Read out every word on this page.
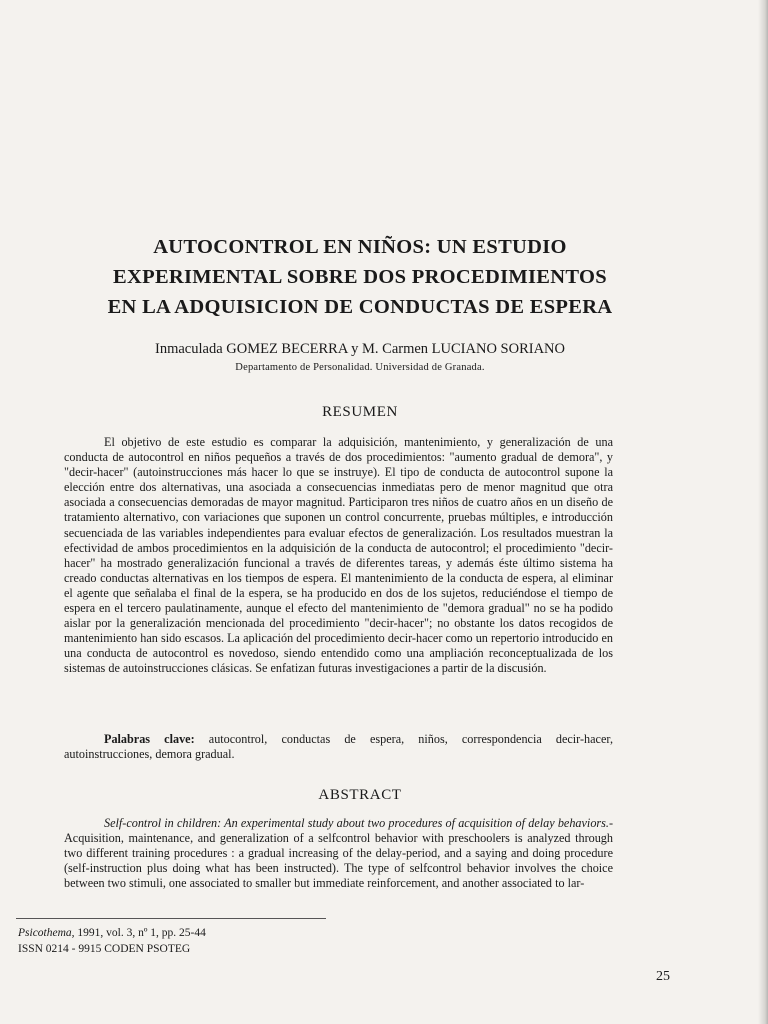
AUTOCONTROL EN NIÑOS: UN ESTUDIO
EXPERIMENTAL SOBRE DOS PROCEDIMIENTOS
EN LA ADQUISICION DE CONDUCTAS DE ESPERA
Inmaculada GOMEZ BECERRA y M. Carmen LUCIANO SORIANO
Departamento de Personalidad. Universidad de Granada.
RESUMEN

El objetivo de este estudio es comparar la adquisición, mantenimiento, y generalización de una conducta de autocontrol en niños pequeños a través de dos procedimientos: "aumento gradual de demora", y "decir-hacer" (autoinstrucciones más hacer lo que se instruye). El tipo de conducta de autocontrol supone la elección entre dos alternativas, una asociada a consecuencias inmediatas pero de menor magnitud que otra asociada a consecuencias demoradas de mayor magnitud. Participaron tres niños de cuatro años en un diseño de tratamiento alternativo, con variaciones que suponen un control concurrente, pruebas múltiples, e introducción secuenciada de las variables independientes para evaluar efectos de generalización. Los resultados muestran la efectividad de ambos procedimientos en la adquisición de la conducta de autocontrol; el procedimiento "decir-hacer" ha mostrado generalización funcional a través de diferentes tareas, y además éste último sistema ha creado conductas alternativas en los tiempos de espera. El mantenimiento de la conducta de espera, al eliminar el agente que señalaba el final de la espera, se ha producido en dos de los sujetos, reduciéndose el tiempo de espera en el tercero paulatinamente, aunque el efecto del mantenimiento de "demora gradual" no se ha podido aislar por la generalización mencionada del procedimiento "decir-hacer"; no obstante los datos recogidos de mantenimiento han sido escasos. La aplicación del procedimiento decir-hacer como un repertorio introducido en una conducta de autocontrol es novedoso, siendo entendido como una ampliación reconceptualizada de los sistemas de autoinstrucciones clásicas. Se enfatizan futuras investigaciones a partir de la discusión.

Palabras clave: autocontrol, conductas de espera, niños, correspondencia decir-hacer, autoinstrucciones, demora gradual.

ABSTRACT

Self-control in children: An experimental study about two procedures of acquisition of delay behaviors.- Acquisition, maintenance, and generalization of a selfcontrol behavior with preschoolers is analyzed through two different training procedures : a gradual increasing of the delay-period, and a saying and doing procedure (self-instruction plus doing what has been instructed). The type of selfcontrol behavior involves the choice between two stimuli, one associated to smaller but immediate reinforcement, and another associated to lar-

Psicothema, 1991, vol. 3, nº 1, pp. 25-44
ISSN 0214 - 9915 CODEN PSOTEG
25
